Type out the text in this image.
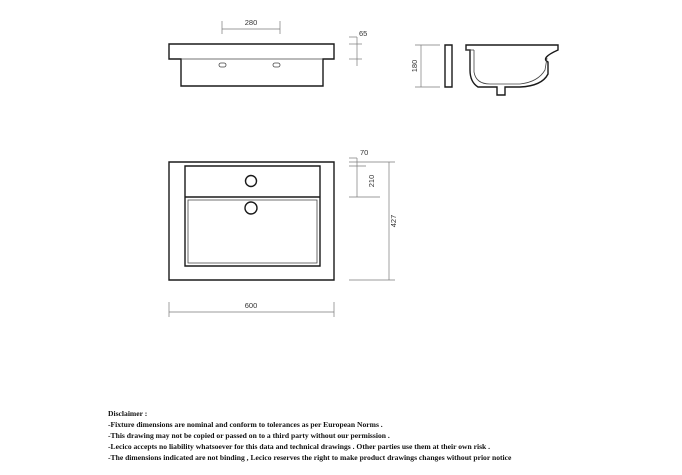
280
65
180
70
210
427
600
Disclaimer :
-Fixture dimensions are nominal and conform to tolerances as per European Norms .
-This drawing may not be copied or passed on to a third party without our permission .
-Lecico accepts no liability whatsoever for this data and technical drawings . Other parties use them at their own risk .
-The dimensions indicated are not binding , Lecico reserves the right to make product drawings changes without prior notice
